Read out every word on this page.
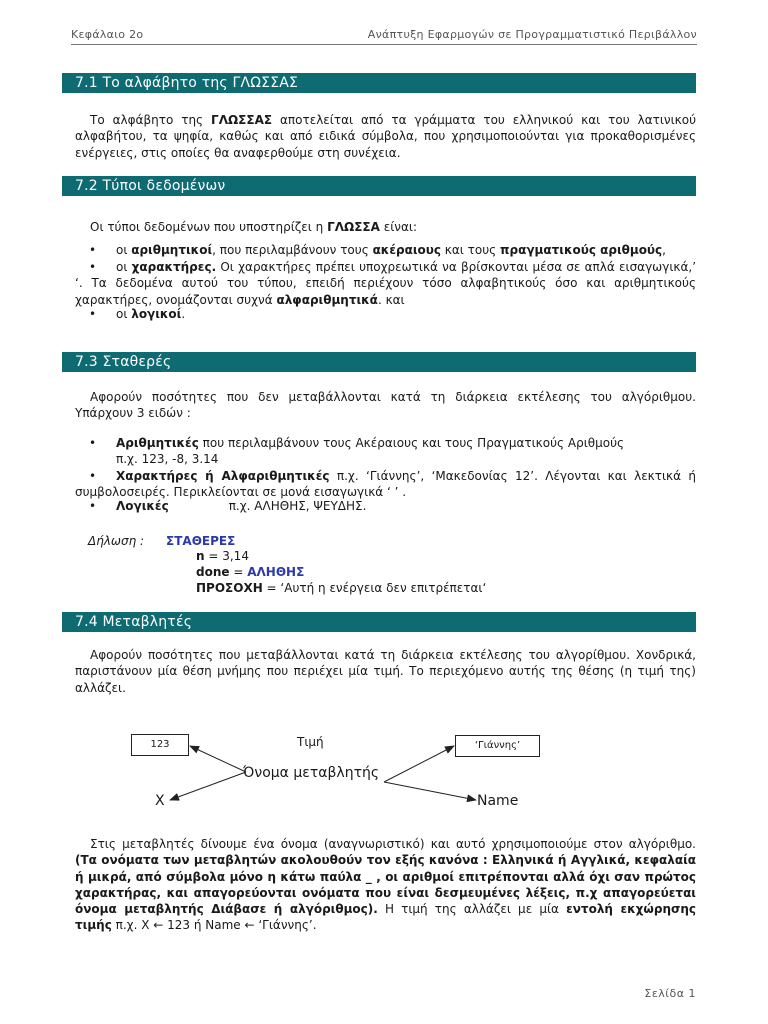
Κεφάλαιο 2ο	Ανάπτυξη Εφαρμογών σε Προγραμματιστικό Περιβάλλον
7.1 Το αλφάβητο της ΓΛΩΣΣΑΣ

Το αλφάβητο της ΓΛΩΣΣΑΣ αποτελείται από τα γράμματα του ελληνικού και του λατινικού αλφαβήτου, τα ψηφία, καθώς και από ειδικά σύμβολα, που χρησιμοποιούνται για προκαθορισμένες ενέργειες, στις οποίες θα αναφερθούμε στη συνέχεια.

7.2 Τύποι δεδομένων

Οι τύποι δεδομένων που υποστηρίζει η ΓΛΩΣΣΑ είναι:

• οι αριθμητικοί, που περιλαμβάνουν τους ακέραιους και τους πραγματικούς αριθμούς,

• οι χαρακτήρες. Οι χαρακτήρες πρέπει υποχρεωτικά να βρίσκονται μέσα σε απλά εισαγωγικά,’ ‘. Τα δεδομένα αυτού του τύπου, επειδή περιέχουν τόσο αλφαβητικούς όσο και αριθμητικούς χαρακτήρες, ονομάζονται συχνά αλφαριθμητικά. και

• οι λογικοί.

7.3 Σταθερές

Αφορούν ποσότητες που δεν μεταβάλλονται κατά τη διάρκεια εκτέλεσης του αλγόριθμου. Υπάρχουν 3 ειδών :

• Αριθμητικές που περιλαμβάνουν τους Ακέραιους και τους Πραγματικούς Αριθμούς
π.χ. 123, -8, 3.14

• Χαρακτήρες ή Αλφαριθμητικές π.χ. ‘Γιάννης’, ‘Μακεδονίας 12’. Λέγονται και λεκτικά ή συμβολοσειρές. Περικλείονται σε μονά εισαγωγικά ‘ ’ .

• Λογικές	π.χ. ΑΛΗΘΗΣ, ΨΕΥΔΗΣ.

Δήλωση : ΣΤΑΘΕΡΕΣ
n = 3,14
done = ΑΛΗΘΗΣ
ΠΡΟΣΟΧΗ = ‘Αυτή η ενέργεια δεν επιτρέπεται‘
7.4 Μεταβλητές

Αφορούν ποσότητες που μεταβάλλονται κατά τη διάρκεια εκτέλεσης του αλγορίθμου. Χονδρικά, παριστάνουν μία θέση μνήμης που περιέχει μία τιμή. Το περιεχόμενο αυτής της θέσης (η τιμή της) αλλάζει.

123	‘Γιάννης’
Τιμή
Όνομα μεταβλητής
X	Name

Στις μεταβλητές δίνουμε ένα όνομα (αναγνωριστικό) και αυτό χρησιμοποιούμε στον αλγόριθμο. (Τα ονόματα των μεταβλητών ακολουθούν τον εξής κανόνα : Ελληνικά ή Αγγλικά, κεφαλαία ή μικρά, από σύμβολα μόνο η κάτω παύλα _ , οι αριθμοί επιτρέπονται αλλά όχι σαν πρώτος χαρακτήρας, και απαγορεύονται ονόματα που είναι δεσμευμένες λέξεις, π.χ απαγορεύεται όνομα μεταβλητής Διάβασε ή αλγόριθμος). Η τιμή της αλλάζει με μία εντολή εκχώρησης τιμής π.χ. X ← 123 ή Name ← ‘Γιάννης’.

Σελίδα 1
